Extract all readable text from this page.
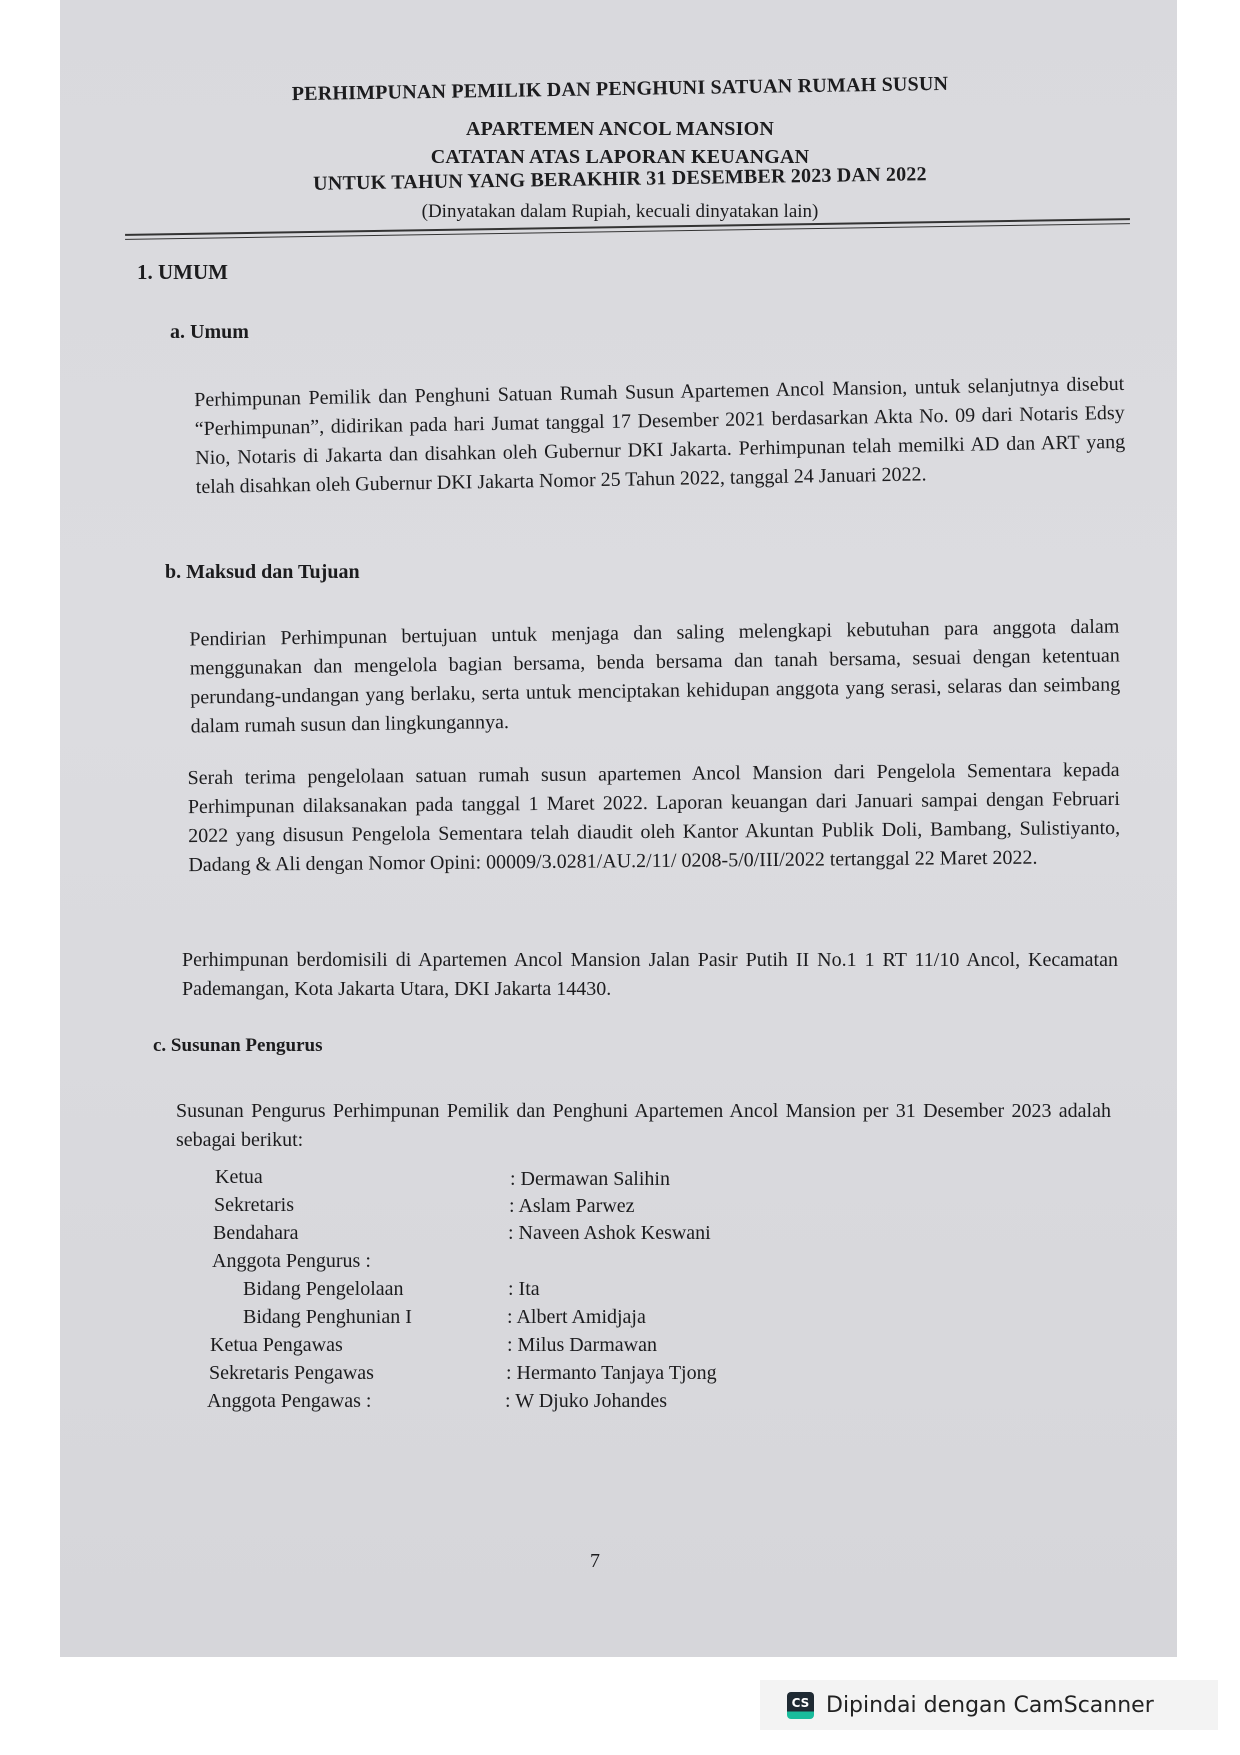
PERHIMPUNAN PEMILIK DAN PENGHUNI SATUAN RUMAH SUSUN
APARTEMEN ANCOL MANSION
CATATAN ATAS LAPORAN KEUANGAN
UNTUK TAHUN YANG BERAKHIR 31 DESEMBER 2023 DAN 2022
(Dinyatakan dalam Rupiah, kecuali dinyatakan lain)
1. UMUM
a. Umum
Perhimpunan Pemilik dan Penghuni Satuan Rumah Susun Apartemen Ancol Mansion, untuk selanjutnya disebut “Perhimpunan”, didirikan pada hari Jumat tanggal 17 Desember 2021 berdasarkan Akta No. 09 dari Notaris Edsy Nio, Notaris di Jakarta dan disahkan oleh Gubernur DKI Jakarta. Perhimpunan telah memilki AD dan ART yang telah disahkan oleh Gubernur DKI Jakarta Nomor 25 Tahun 2022, tanggal 24 Januari 2022.
b. Maksud dan Tujuan
Pendirian Perhimpunan bertujuan untuk menjaga dan saling melengkapi kebutuhan para anggota dalam menggunakan dan mengelola bagian bersama, benda bersama dan tanah bersama, sesuai dengan ketentuan perundang-undangan yang berlaku, serta untuk menciptakan kehidupan anggota yang serasi, selaras dan seimbang dalam rumah susun dan lingkungannya.
Serah terima pengelolaan satuan rumah susun apartemen Ancol Mansion dari Pengelola Sementara kepada Perhimpunan dilaksanakan pada tanggal 1 Maret 2022. Laporan keuangan dari Januari sampai dengan Februari 2022 yang disusun Pengelola Sementara telah diaudit oleh Kantor Akuntan Publik Doli, Bambang, Sulistiyanto, Dadang & Ali dengan Nomor Opini: 00009/3.0281/AU.2/11/ 0208-5/0/III/2022 tertanggal 22 Maret 2022.
Perhimpunan berdomisili di Apartemen Ancol Mansion Jalan Pasir Putih II No.1 1 RT 11/10 Ancol, Kecamatan Pademangan, Kota Jakarta Utara, DKI Jakarta 14430.
c. Susunan Pengurus
Susunan Pengurus Perhimpunan Pemilik dan Penghuni Apartemen Ancol Mansion per 31 Desember 2023 adalah sebagai berikut:
Ketua	: Dermawan Salihin
Sekretaris	: Aslam Parwez
Bendahara	: Naveen Ashok Keswani
Anggota Pengurus :
Bidang Pengelolaan	: Ita
Bidang Penghunian I	: Albert Amidjaja
Ketua Pengawas	: Milus Darmawan
Sekretaris Pengawas	: Hermanto Tanjaya Tjong
Anggota Pengawas :	: W Djuko Johandes
7
CS Dipindai dengan CamScanner
